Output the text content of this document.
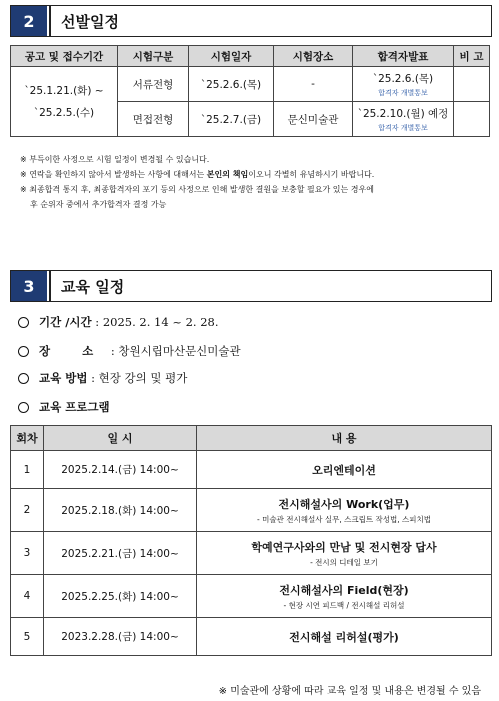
2	선발일정
공고 및 접수기간	시험구분	시험일자	시험장소	합격자발표	비 고
`25.1.21.(화) ~
`25.2.5.(수)	서류전형	`25.2.6.(목)	-	`25.2.6.(목)
합격자 개별통보	

	면접전형	`25.2.7.(금)	문신미술관	`25.2.10.(월) 예정
합격자 개별통보	

※ 부득이한 사정으로 시험 일정이 변경될 수 있습니다.
※ 연락을 확인하지 않아서 발생하는 사항에 대해서는 본인의 책임이오니 각별히 유념하시기 바랍니다.
※ 최종합격 통지 후, 최종합격자의 포기 등의 사정으로 인해 발생한 결원을 보충할 필요가 있는 경우에
후 순위자 중에서 추가합격자 결정 가능
3	교육 일정
기간 /시간
: 2025. 2. 14 ~ 2. 28.
장 소
: 창원시립마산문신미술관
교육 방법
: 현장 강의 및 평가
교육 프로그램
회차	일 시	내 용
1	2025.2.14.(금) 14:00~	오리엔테이션

2	2025.2.18.(화) 14:00~	전시해설사의 Work(업무)
- 미술관 전시해설사 실무, 스크립트 작성법, 스피치법

3	2025.2.21.(금) 14:00~	학예연구사와의 만남 및 전시현장 답사
- 전시의 디테일 보기

4	2025.2.25.(화) 14:00~	전시해설사의 Field(현장)
- 현장 시연 피드백 / 전시해설 리허설

5	2023.2.28.(금) 14:00~	전시해설 리허설(평가)
※ 미술관에 상황에 따라 교육 일정 및 내용은 변경될 수 있음
